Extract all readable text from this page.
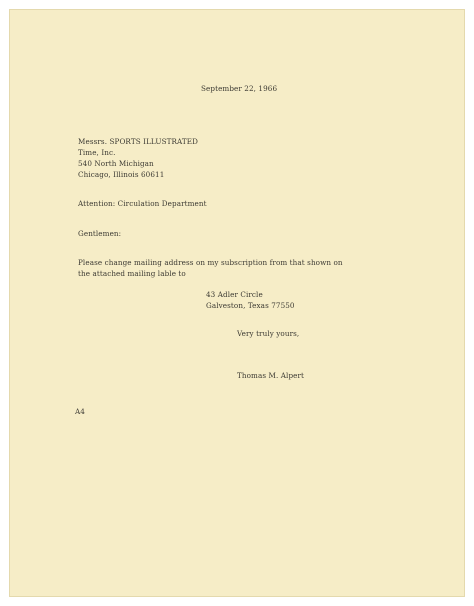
September 22, 1966
Messrs. SPORTS ILLUSTRATED
Time, Inc.
540 North Michigan
Chicago, Illinois 60611
Attention: Circulation Department
Gentlemen:
Please change mailing address on my subscription from that shown on
the attached mailing lable to
43 Adler Circle
Galveston, Texas 77550
Very truly yours,
Thomas M. Alpert
A4
